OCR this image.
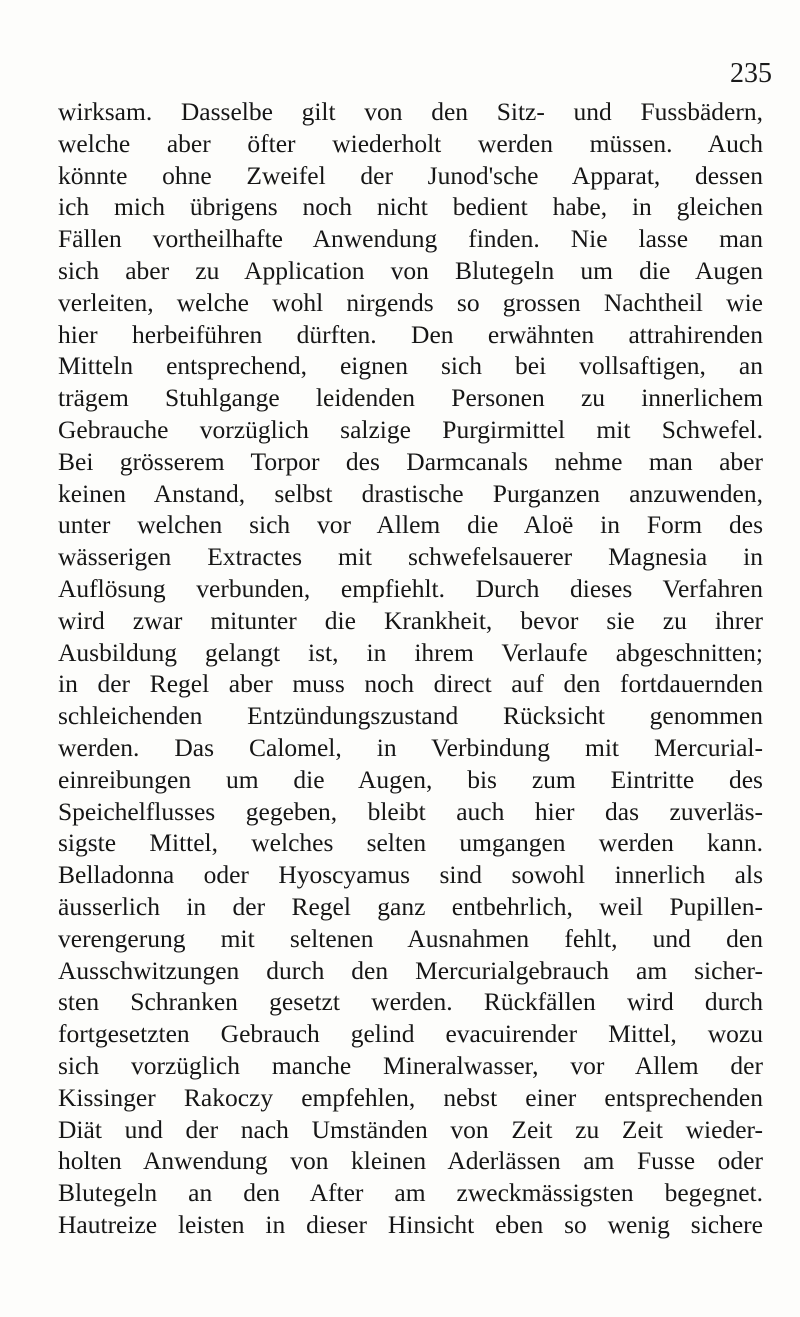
235
wirksam. Dasselbe gilt von den Sitz- und Fussbädern,
welche aber öfter wiederholt werden müssen. Auch
könnte ohne Zweifel der Junod'sche Apparat, dessen
ich mich übrigens noch nicht bedient habe, in gleichen
Fällen vortheilhafte Anwendung finden. Nie lasse man
sich aber zu Application von Blutegeln um die Augen
verleiten, welche wohl nirgends so grossen Nachtheil wie
hier herbeiführen dürften. Den erwähnten attrahirenden
Mitteln entsprechend, eignen sich bei vollsaftigen, an
trägem Stuhlgange leidenden Personen zu innerlichem
Gebrauche vorzüglich salzige Purgirmittel mit Schwefel.
Bei grösserem Torpor des Darmcanals nehme man aber
keinen Anstand, selbst drastische Purganzen anzuwenden,
unter welchen sich vor Allem die Aloë in Form des
wässerigen Extractes mit schwefelsauerer Magnesia in
Auflösung verbunden, empfiehlt. Durch dieses Verfahren
wird zwar mitunter die Krankheit, bevor sie zu ihrer
Ausbildung gelangt ist, in ihrem Verlaufe abgeschnitten;
in der Regel aber muss noch direct auf den fortdauernden
schleichenden Entzündungszustand Rücksicht genommen
werden. Das Calomel, in Verbindung mit Mercurial-
einreibungen um die Augen, bis zum Eintritte des
Speichelflusses gegeben, bleibt auch hier das zuverläs-
sigste Mittel, welches selten umgangen werden kann.
Belladonna oder Hyoscyamus sind sowohl innerlich als
äusserlich in der Regel ganz entbehrlich, weil Pupillen-
verengerung mit seltenen Ausnahmen fehlt, und den
Ausschwitzungen durch den Mercurialgebrauch am sicher-
sten Schranken gesetzt werden. Rückfällen wird durch
fortgesetzten Gebrauch gelind evacuirender Mittel, wozu
sich vorzüglich manche Mineralwasser, vor Allem der
Kissinger Rakoczy empfehlen, nebst einer entsprechenden
Diät und der nach Umständen von Zeit zu Zeit wieder-
holten Anwendung von kleinen Aderlässen am Fusse oder
Blutegeln an den After am zweckmässigsten begegnet.
Hautreize leisten in dieser Hinsicht eben so wenig sichere
